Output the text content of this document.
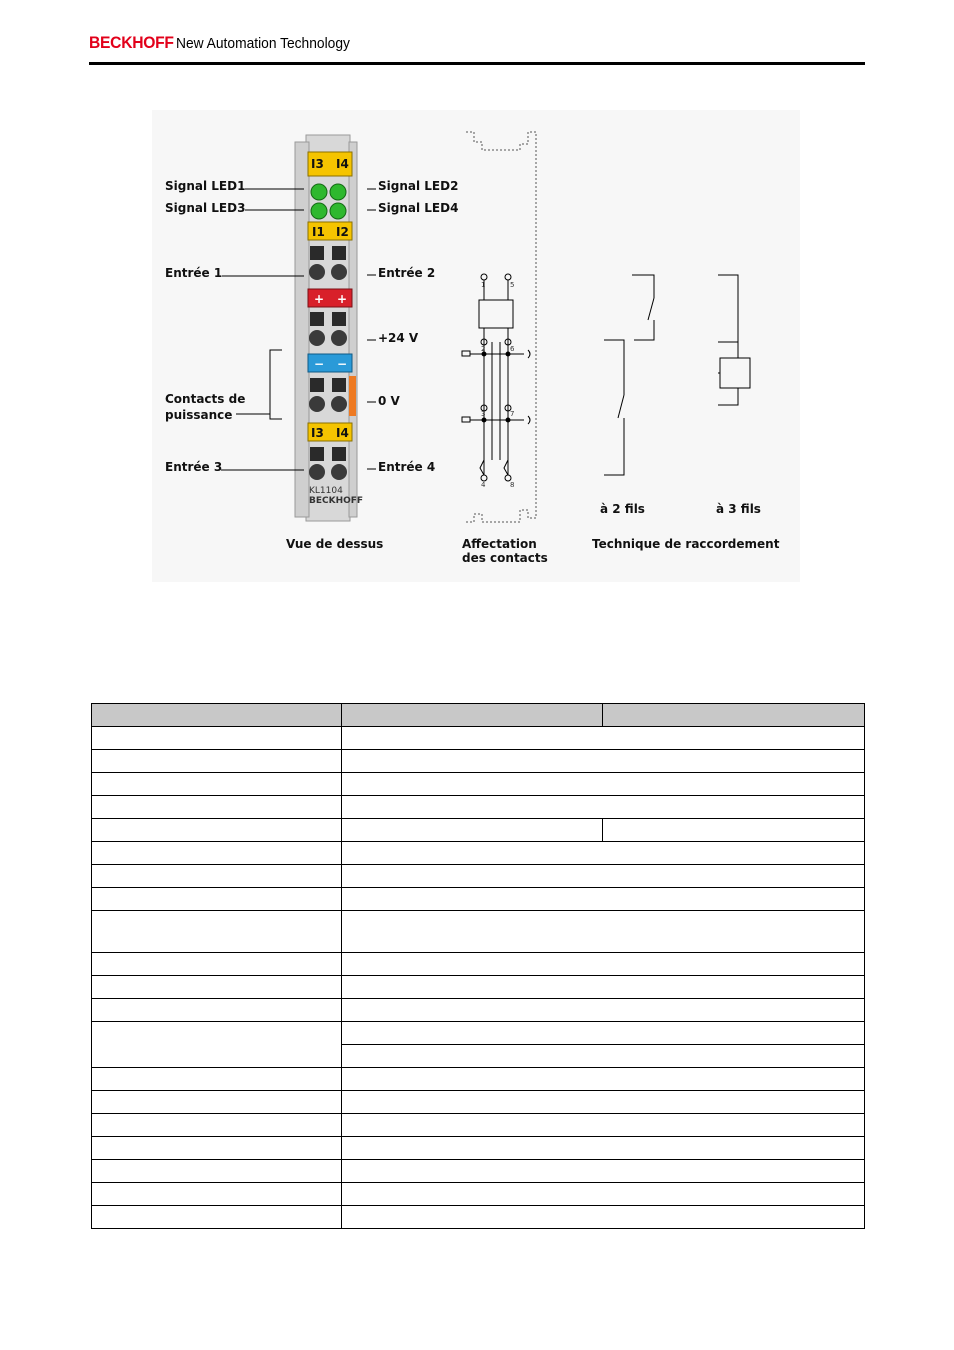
BECKHOFF New Automation Technology
I3 I4
I1 I2
+ +
− −
I3 I4
KL1104
BECKHOFF
Signal LED1
Signal LED3
Entrée 1
Contacts de
puissance
Entrée 3
Signal LED2
Signal LED4
Entrée 2
+24 V
0 V
Entrée 4
1	5
2	6
3	7
4	8
Vue de dessus	Affectation
des contacts
Technique de raccordement
à 2 fils	à 3 fils
